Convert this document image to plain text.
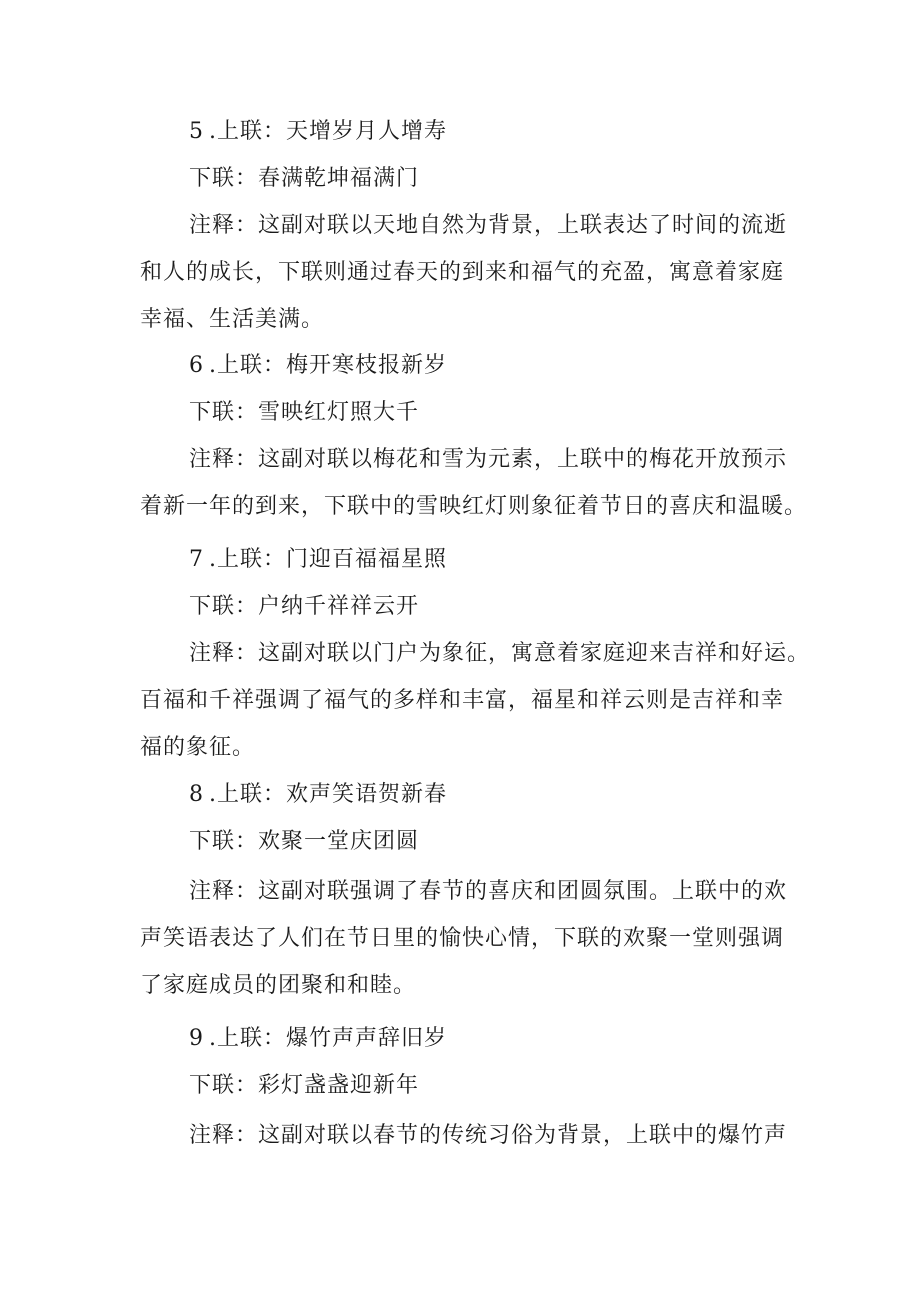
5 .上联：天增岁月人增寿
下联：春满乾坤福满门
注释：这副对联以天地自然为背景，上联表达了时间的流逝
和人的成长，下联则通过春天的到来和福气的充盈，寓意着家庭
幸福、生活美满。
6 .上联：梅开寒枝报新岁
下联：雪映红灯照大千
注释：这副对联以梅花和雪为元素，上联中的梅花开放预示
着新一年的到来，下联中的雪映红灯则象征着节日的喜庆和温暖。
7 .上联：门迎百福福星照
下联：户纳千祥祥云开
注释：这副对联以门户为象征，寓意着家庭迎来吉祥和好运。
百福和千祥强调了福气的多样和丰富，福星和祥云则是吉祥和幸
福的象征。
8 .上联：欢声笑语贺新春
下联：欢聚一堂庆团圆
注释：这副对联强调了春节的喜庆和团圆氛围。上联中的欢
声笑语表达了人们在节日里的愉快心情，下联的欢聚一堂则强调
了家庭成员的团聚和和睦。
9 .上联：爆竹声声辞旧岁
下联：彩灯盏盏迎新年
注释：这副对联以春节的传统习俗为背景，上联中的爆竹声
